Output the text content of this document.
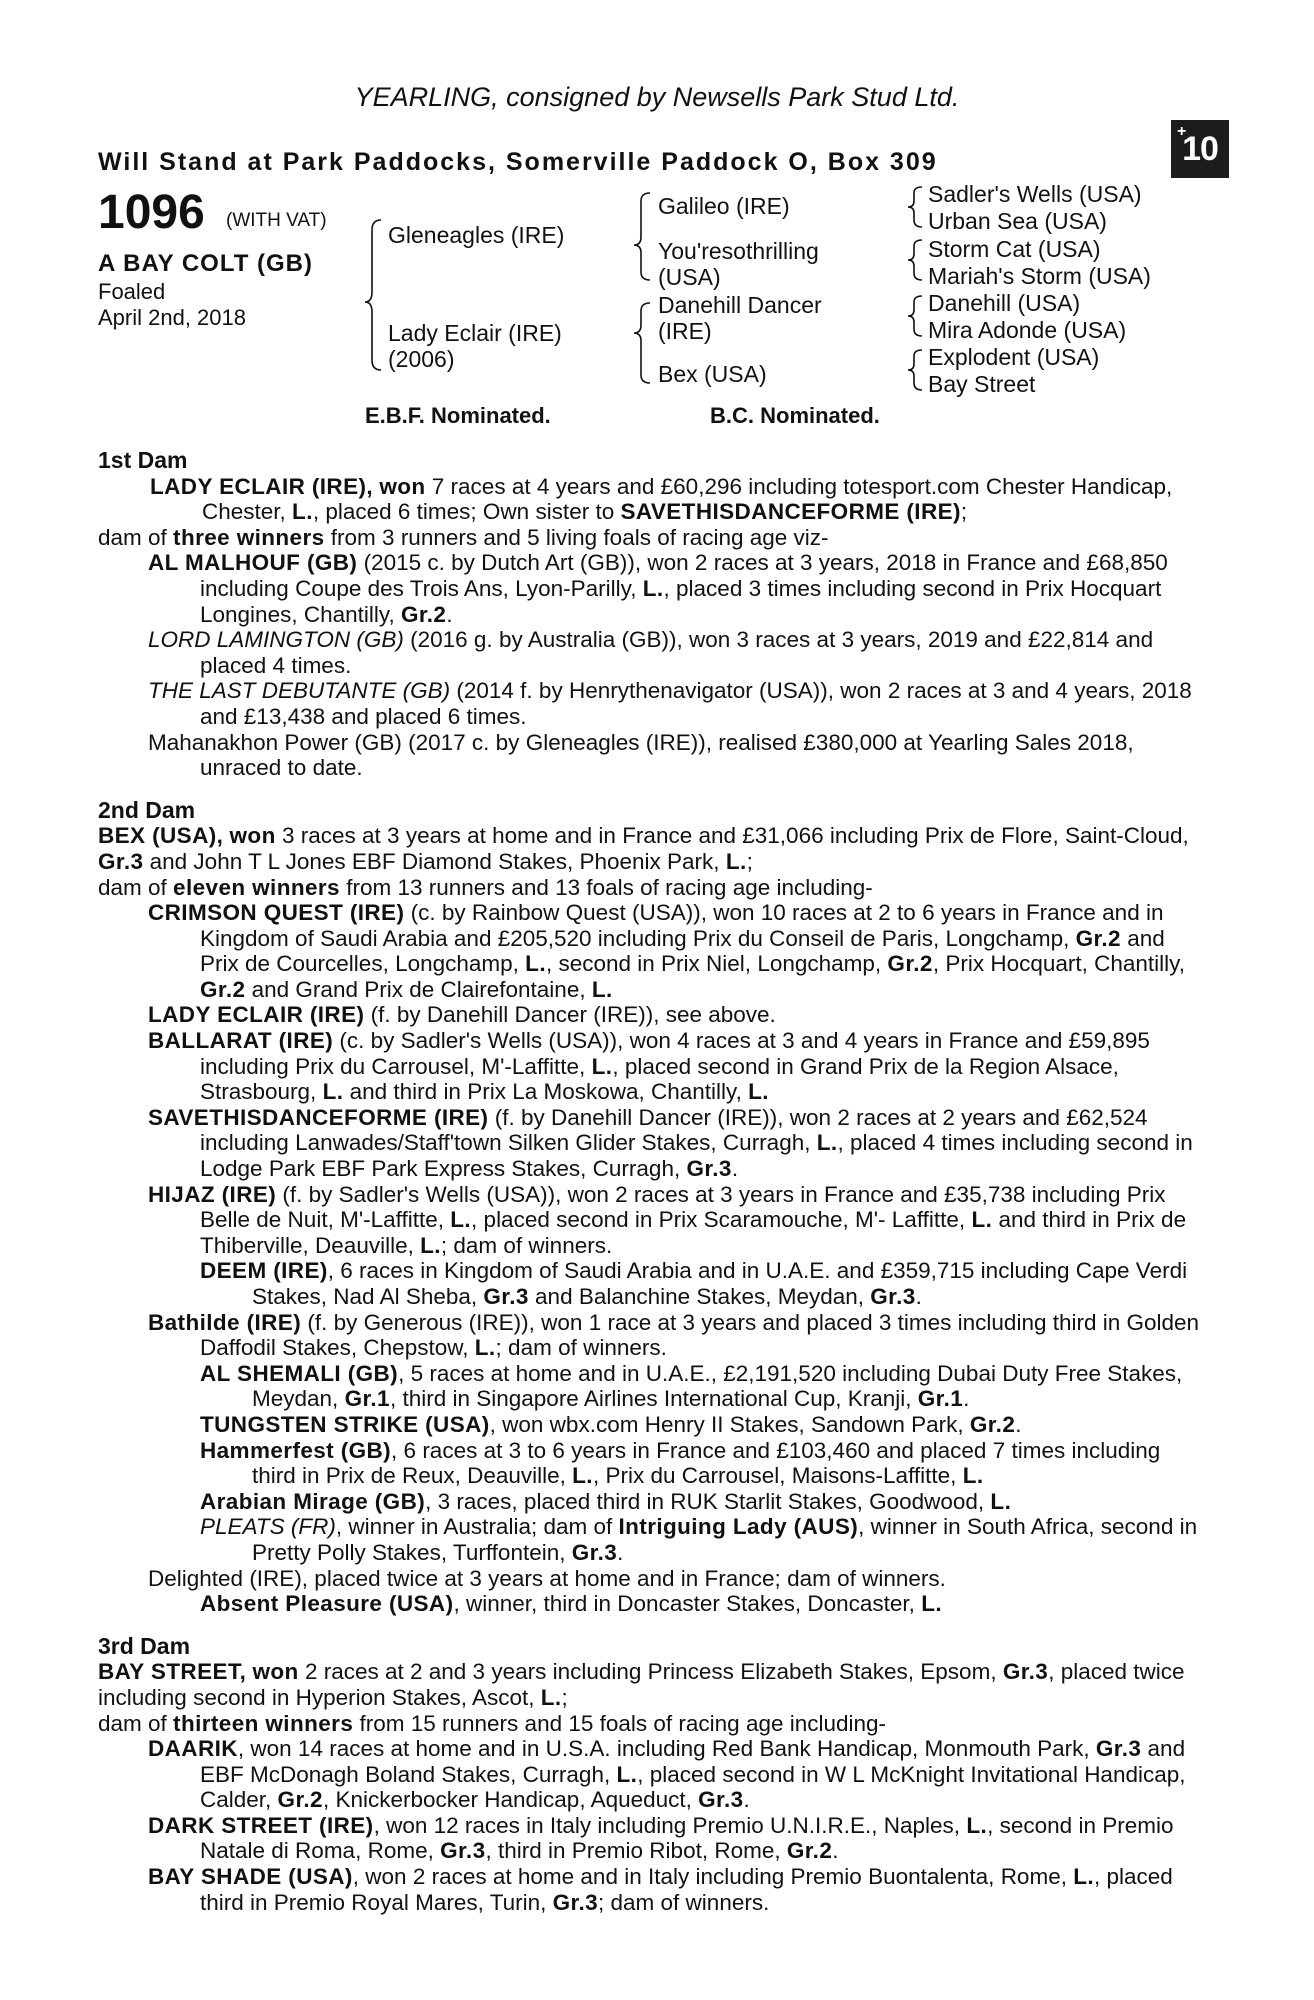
YEARLING, consigned by Newsells Park Stud Ltd.
Will Stand at Park Paddocks, Somerville Paddock O, Box 309
+
10
1096 (WITH VAT)
A BAY COLT (GB)
Foaled
April 2nd, 2018
Gleneagles (IRE)
Lady Eclair (IRE)
(2006)
Galileo (IRE)
You'resothrilling
(USA)
Danehill Dancer
(IRE)
Bex (USA)
Sadler's Wells (USA)
Urban Sea (USA)
Storm Cat (USA)
Mariah's Storm (USA)
Danehill (USA)
Mira Adonde (USA)
Explodent (USA)
Bay Street
E.B.F. Nominated.	B.C. Nominated.
1st Dam
LADY ECLAIR (IRE), won 7 races at 4 years and £60,296 including totesport.com Chester Handicap, Chester, L., placed 6 times; Own sister to SAVETHISDANCEFORME (IRE);
dam of three winners from 3 runners and 5 living foals of racing age viz-
AL MALHOUF (GB) (2015 c. by Dutch Art (GB)), won 2 races at 3 years, 2018 in France and £68,850 including Coupe des Trois Ans, Lyon-Parilly, L., placed 3 times including second in Prix Hocquart Longines, Chantilly, Gr.2.
LORD LAMINGTON (GB) (2016 g. by Australia (GB)), won 3 races at 3 years, 2019 and £22,814 and placed 4 times.
THE LAST DEBUTANTE (GB) (2014 f. by Henrythenavigator (USA)), won 2 races at 3 and 4 years, 2018 and £13,438 and placed 6 times.
Mahanakhon Power (GB) (2017 c. by Gleneagles (IRE)), realised £380,000 at Yearling Sales 2018, unraced to date.
2nd Dam
BEX (USA), won 3 races at 3 years at home and in France and £31,066 including Prix de Flore, Saint-Cloud, Gr.3 and John T L Jones EBF Diamond Stakes, Phoenix Park, L.;
dam of eleven winners from 13 runners and 13 foals of racing age including-
CRIMSON QUEST (IRE) (c. by Rainbow Quest (USA)), won 10 races at 2 to 6 years in France and in Kingdom of Saudi Arabia and £205,520 including Prix du Conseil de Paris, Longchamp, Gr.2 and Prix de Courcelles, Longchamp, L., second in Prix Niel, Longchamp, Gr.2, Prix Hocquart, Chantilly, Gr.2 and Grand Prix de Clairefontaine, L.
LADY ECLAIR (IRE) (f. by Danehill Dancer (IRE)), see above.
BALLARAT (IRE) (c. by Sadler's Wells (USA)), won 4 races at 3 and 4 years in France and £59,895 including Prix du Carrousel, M'-Laffitte, L., placed second in Grand Prix de la Region Alsace, Strasbourg, L. and third in Prix La Moskowa, Chantilly, L.
SAVETHISDANCEFORME (IRE) (f. by Danehill Dancer (IRE)), won 2 races at 2 years and £62,524 including Lanwades/Staff'town Silken Glider Stakes, Curragh, L., placed 4 times including second in Lodge Park EBF Park Express Stakes, Curragh, Gr.3.
HIJAZ (IRE) (f. by Sadler's Wells (USA)), won 2 races at 3 years in France and £35,738 including Prix Belle de Nuit, M'-Laffitte, L., placed second in Prix Scaramouche, M'- Laffitte, L. and third in Prix de Thiberville, Deauville, L.; dam of winners.
DEEM (IRE), 6 races in Kingdom of Saudi Arabia and in U.A.E. and £359,715 including Cape Verdi Stakes, Nad Al Sheba, Gr.3 and Balanchine Stakes, Meydan, Gr.3.
Bathilde (IRE) (f. by Generous (IRE)), won 1 race at 3 years and placed 3 times including third in Golden Daffodil Stakes, Chepstow, L.; dam of winners.
AL SHEMALI (GB), 5 races at home and in U.A.E., £2,191,520 including Dubai Duty Free Stakes, Meydan, Gr.1, third in Singapore Airlines International Cup, Kranji, Gr.1.
TUNGSTEN STRIKE (USA), won wbx.com Henry II Stakes, Sandown Park, Gr.2.
Hammerfest (GB), 6 races at 3 to 6 years in France and £103,460 and placed 7 times including third in Prix de Reux, Deauville, L., Prix du Carrousel, Maisons-Laffitte, L.
Arabian Mirage (GB), 3 races, placed third in RUK Starlit Stakes, Goodwood, L.
PLEATS (FR), winner in Australia; dam of Intriguing Lady (AUS), winner in South Africa, second in Pretty Polly Stakes, Turffontein, Gr.3.
Delighted (IRE), placed twice at 3 years at home and in France; dam of winners.
Absent Pleasure (USA), winner, third in Doncaster Stakes, Doncaster, L.
3rd Dam
BAY STREET, won 2 races at 2 and 3 years including Princess Elizabeth Stakes, Epsom, Gr.3, placed twice including second in Hyperion Stakes, Ascot, L.;
dam of thirteen winners from 15 runners and 15 foals of racing age including-
DAARIK, won 14 races at home and in U.S.A. including Red Bank Handicap, Monmouth Park, Gr.3 and EBF McDonagh Boland Stakes, Curragh, L., placed second in W L McKnight Invitational Handicap, Calder, Gr.2, Knickerbocker Handicap, Aqueduct, Gr.3.
DARK STREET (IRE), won 12 races in Italy including Premio U.N.I.R.E., Naples, L., second in Premio Natale di Roma, Rome, Gr.3, third in Premio Ribot, Rome, Gr.2.
BAY SHADE (USA), won 2 races at home and in Italy including Premio Buontalenta, Rome, L., placed third in Premio Royal Mares, Turin, Gr.3; dam of winners.
